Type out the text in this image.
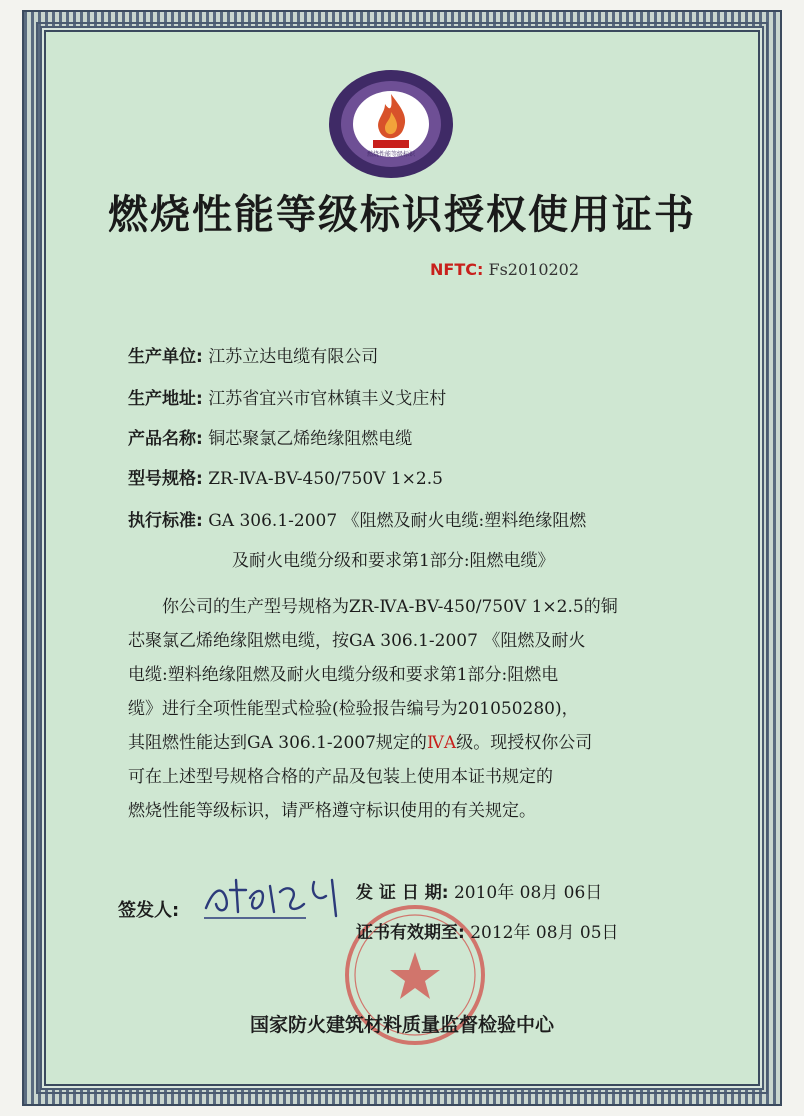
燃烧性能等级标识
燃烧性能等级标识授权使用证书
NFTC: Fs2010202
生产单位: 江苏立达电缆有限公司
生产地址: 江苏省宜兴市官林镇丰义戈庄村
产品名称: 铜芯聚氯乙烯绝缘阻燃电缆
型号规格: ZR-ⅣA-BV-450/750V 1×2.5
执行标准: GA 306.1-2007 《阻燃及耐火电缆:塑料绝缘阻燃
及耐火电缆分级和要求第1部分:阻燃电缆》
你公司的生产型号规格为ZR-ⅣA-BV-450/750V 1×2.5的铜
芯聚氯乙烯绝缘阻燃电缆，按GA 306.1-2007 《阻燃及耐火
电缆:塑料绝缘阻燃及耐火电缆分级和要求第1部分:阻燃电
缆》进行全项性能型式检验(检验报告编号为201050280)，
其阻燃性能达到GA 306.1-2007规定的ⅣA级。现授权你公司
可在上述型号规格合格的产品及包装上使用本证书规定的
燃烧性能等级标识，请严格遵守标识使用的有关规定。
签发人:
发 证 日 期: 2010年 08月 06日
证书有效期至: 2012年 08月 05日
国家防火建筑材料质量监督检验中心
